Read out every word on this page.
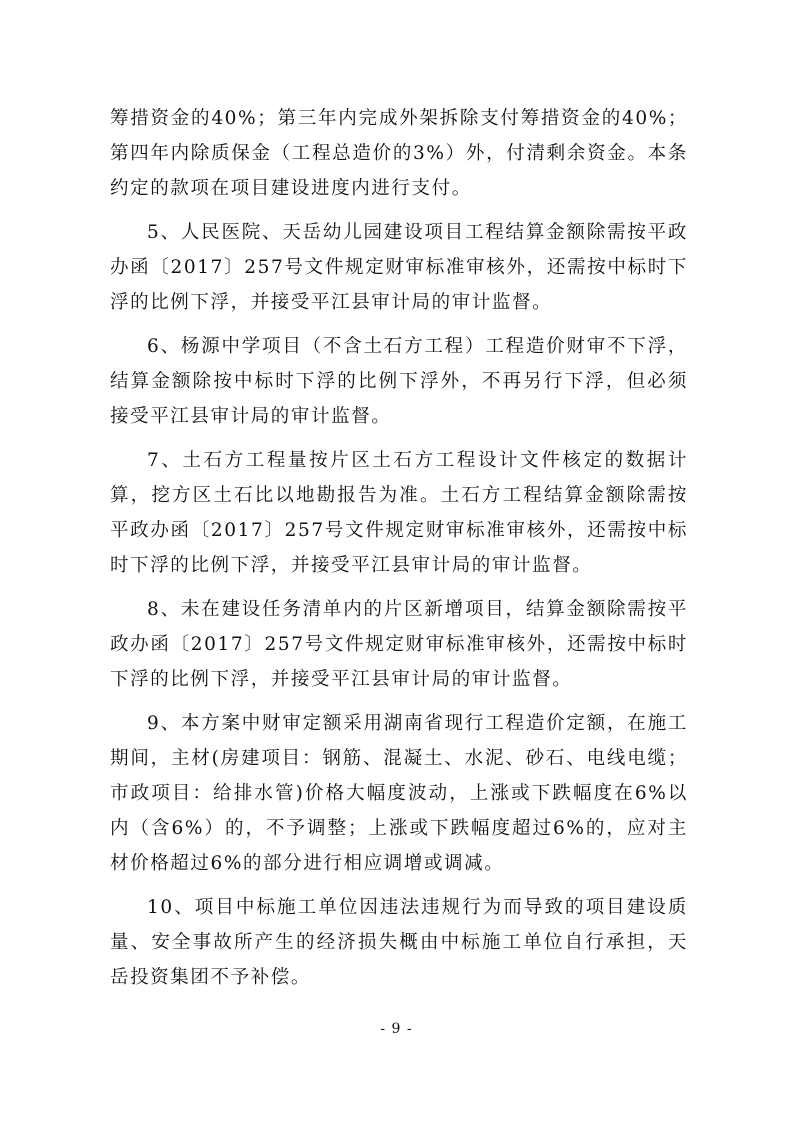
筹措资金的40%；第三年内完成外架拆除支付筹措资金的40%；第四年内除质保金（工程总造价的3%）外，付清剩余资金。本条约定的款项在项目建设进度内进行支付。

5、人民医院、天岳幼儿园建设项目工程结算金额除需按平政办函〔2017〕257号文件规定财审标准审核外，还需按中标时下浮的比例下浮，并接受平江县审计局的审计监督。

6、杨源中学项目（不含土石方工程）工程造价财审不下浮，结算金额除按中标时下浮的比例下浮外，不再另行下浮，但必须接受平江县审计局的审计监督。

7、土石方工程量按片区土石方工程设计文件核定的数据计算，挖方区土石比以地勘报告为准。土石方工程结算金额除需按平政办函〔2017〕257号文件规定财审标准审核外，还需按中标时下浮的比例下浮，并接受平江县审计局的审计监督。

8、未在建设任务清单内的片区新增项目，结算金额除需按平政办函〔2017〕257号文件规定财审标准审核外，还需按中标时下浮的比例下浮，并接受平江县审计局的审计监督。

9、本方案中财审定额采用湖南省现行工程造价定额，在施工期间，主材(房建项目：钢筋、混凝土、水泥、砂石、电线电缆；市政项目：给排水管)价格大幅度波动，上涨或下跌幅度在6%以内（含6%）的，不予调整；上涨或下跌幅度超过6%的，应对主材价格超过6%的部分进行相应调增或调减。

10、项目中标施工单位因违法违规行为而导致的项目建设质量、安全事故所产生的经济损失概由中标施工单位自行承担，天岳投资集团不予补偿。

- 9 -
